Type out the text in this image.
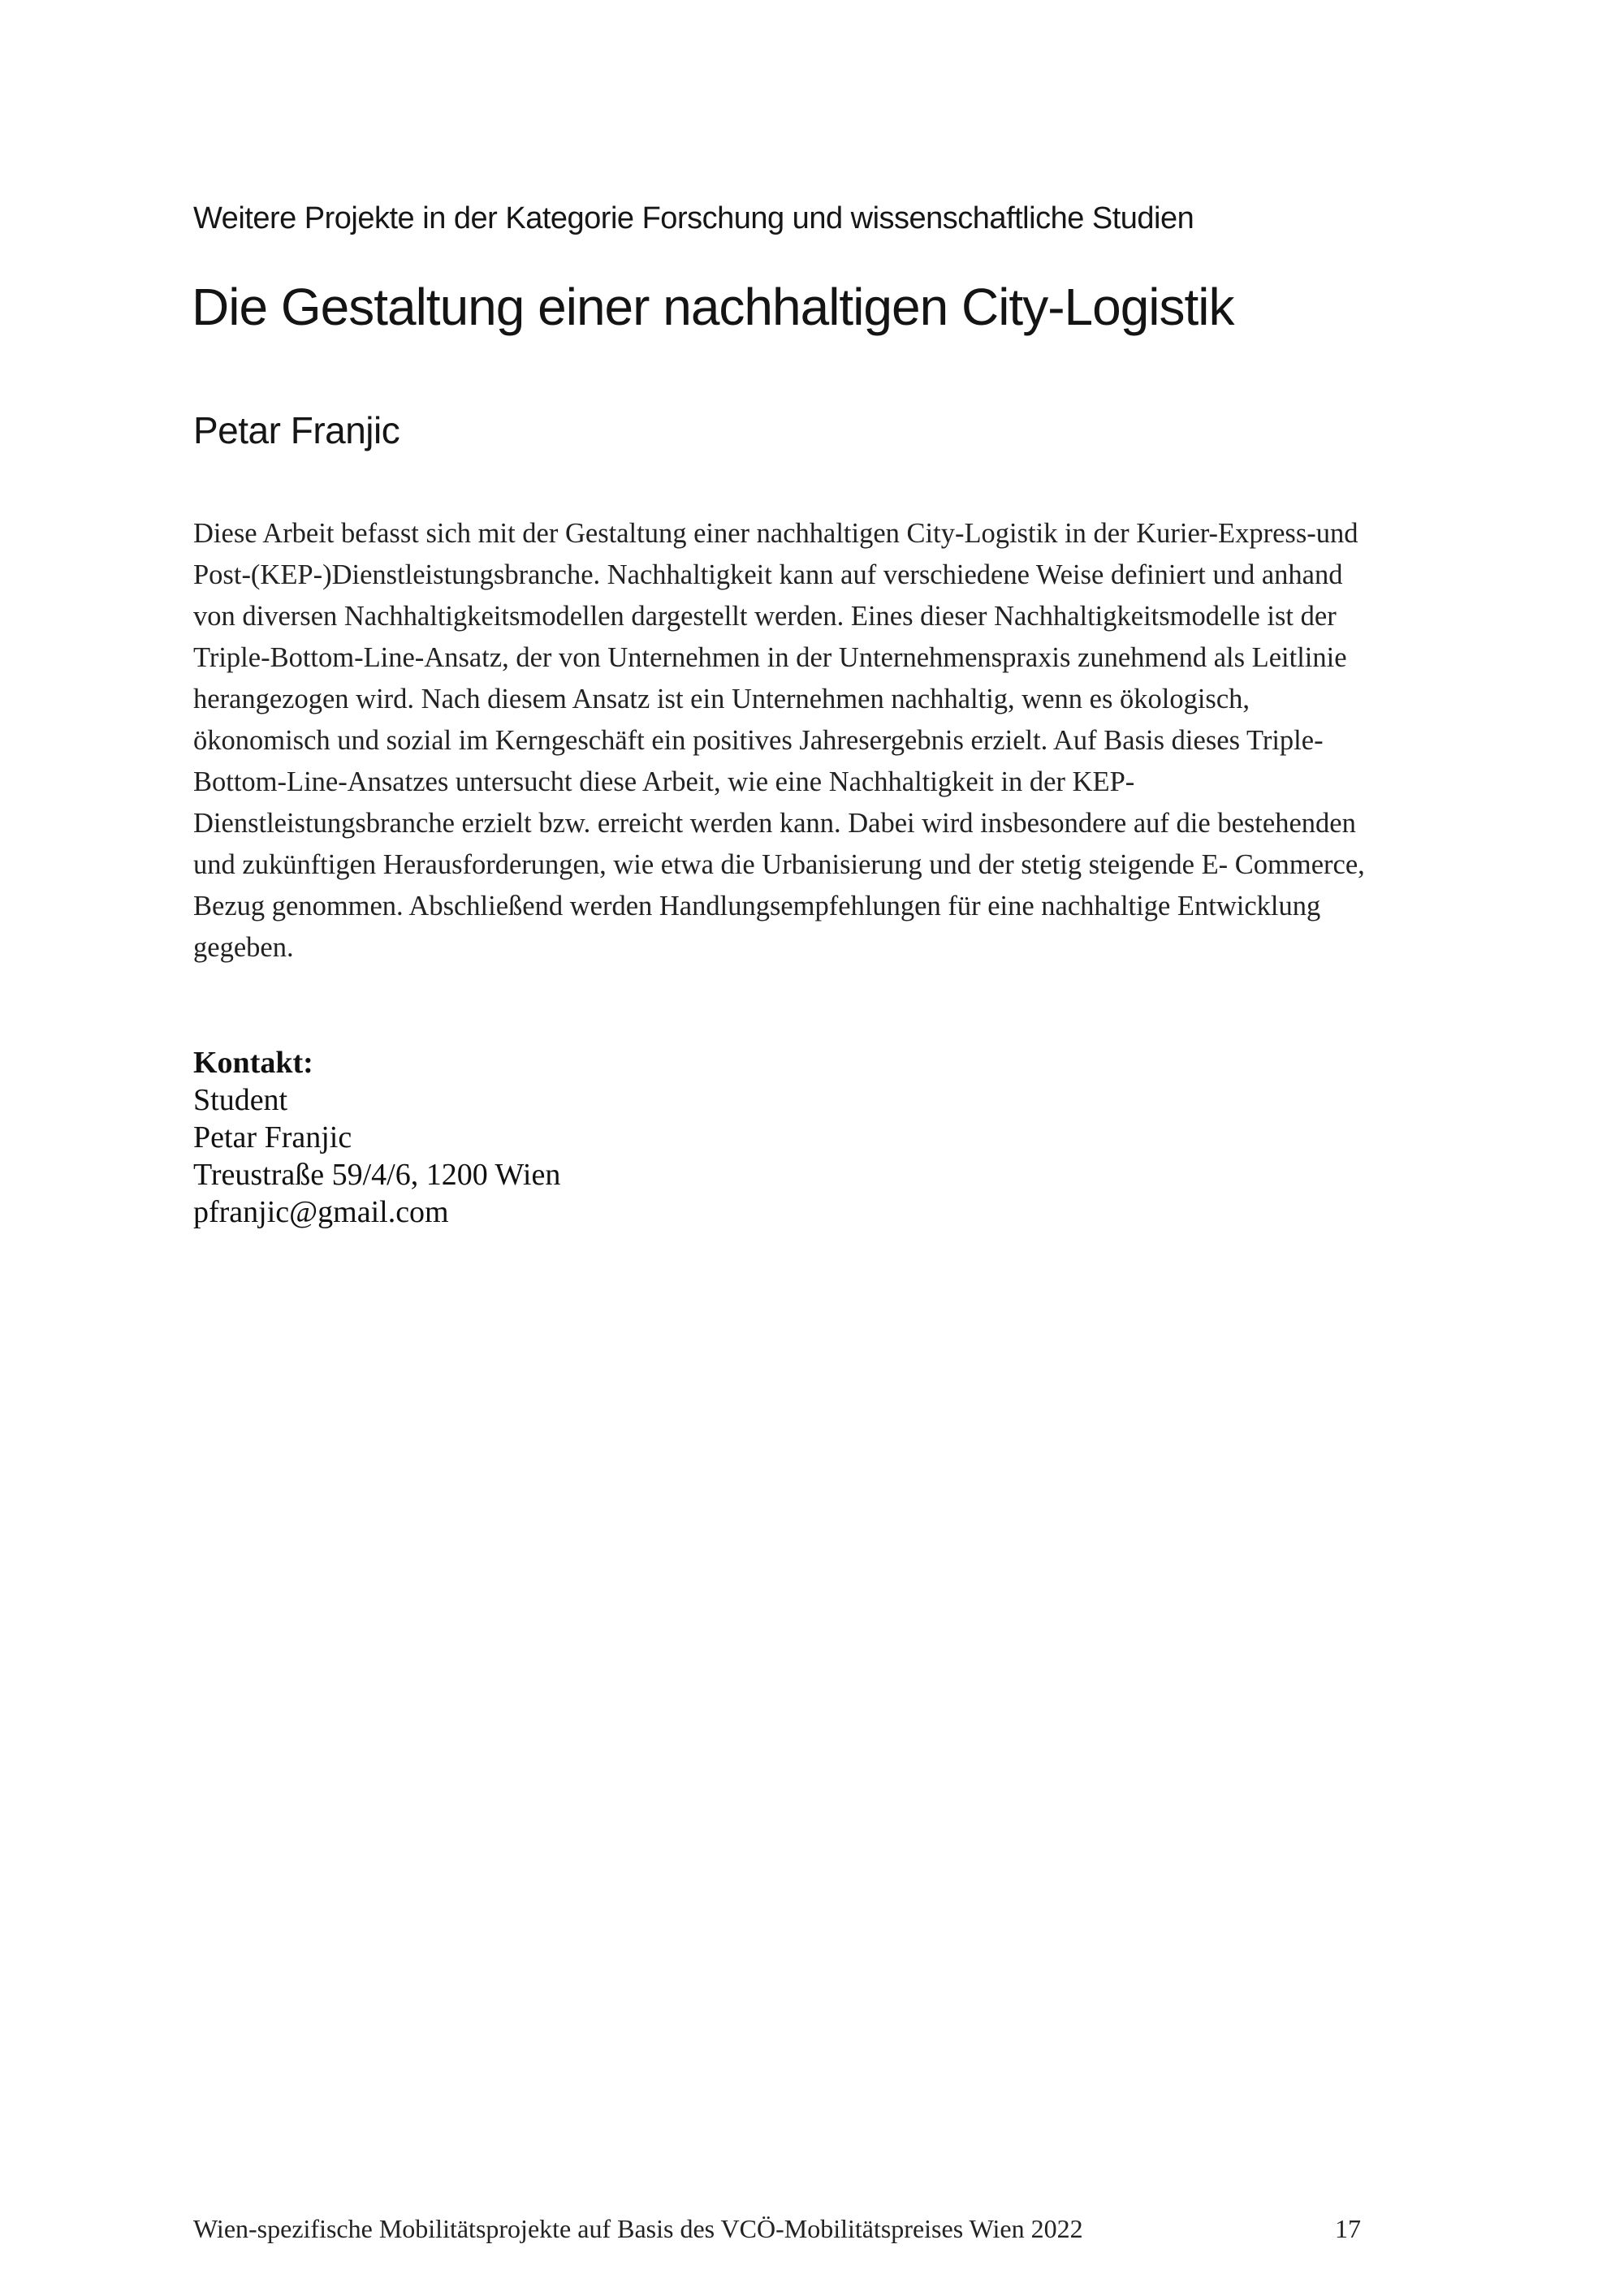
Weitere Projekte in der Kategorie Forschung und wissenschaftliche Studien
Die Gestaltung einer nachhaltigen City-Logistik
Petar Franjic
Diese Arbeit befasst sich mit der Gestaltung einer nachhaltigen City-Logistik in der Kurier-Express-und
Post-(KEP-)Dienstleistungsbranche. Nachhaltigkeit kann auf verschiedene Weise definiert und anhand
von diversen Nachhaltigkeitsmodellen dargestellt werden. Eines dieser Nachhaltigkeitsmodelle ist der
Triple-Bottom-Line-Ansatz, der von Unternehmen in der Unternehmenspraxis zunehmend als Leitlinie
herangezogen wird. Nach diesem Ansatz ist ein Unternehmen nachhaltig, wenn es ökologisch,
ökonomisch und sozial im Kerngeschäft ein positives Jahresergebnis erzielt. Auf Basis dieses Triple-
Bottom-Line-Ansatzes untersucht diese Arbeit, wie eine Nachhaltigkeit in der KEP-
Dienstleistungsbranche erzielt bzw. erreicht werden kann. Dabei wird insbesondere auf die bestehenden
und zukünftigen Herausforderungen, wie etwa die Urbanisierung und der stetig steigende E- Commerce,
Bezug genommen. Abschließend werden Handlungsempfehlungen für eine nachhaltige Entwicklung
gegeben.
Kontakt:
Student
Petar Franjic
Treustraße 59/4/6, 1200 Wien
pfranjic@gmail.com
Wien-spezifische Mobilitätsprojekte auf Basis des VCÖ-Mobilitätspreises Wien 2022	17
